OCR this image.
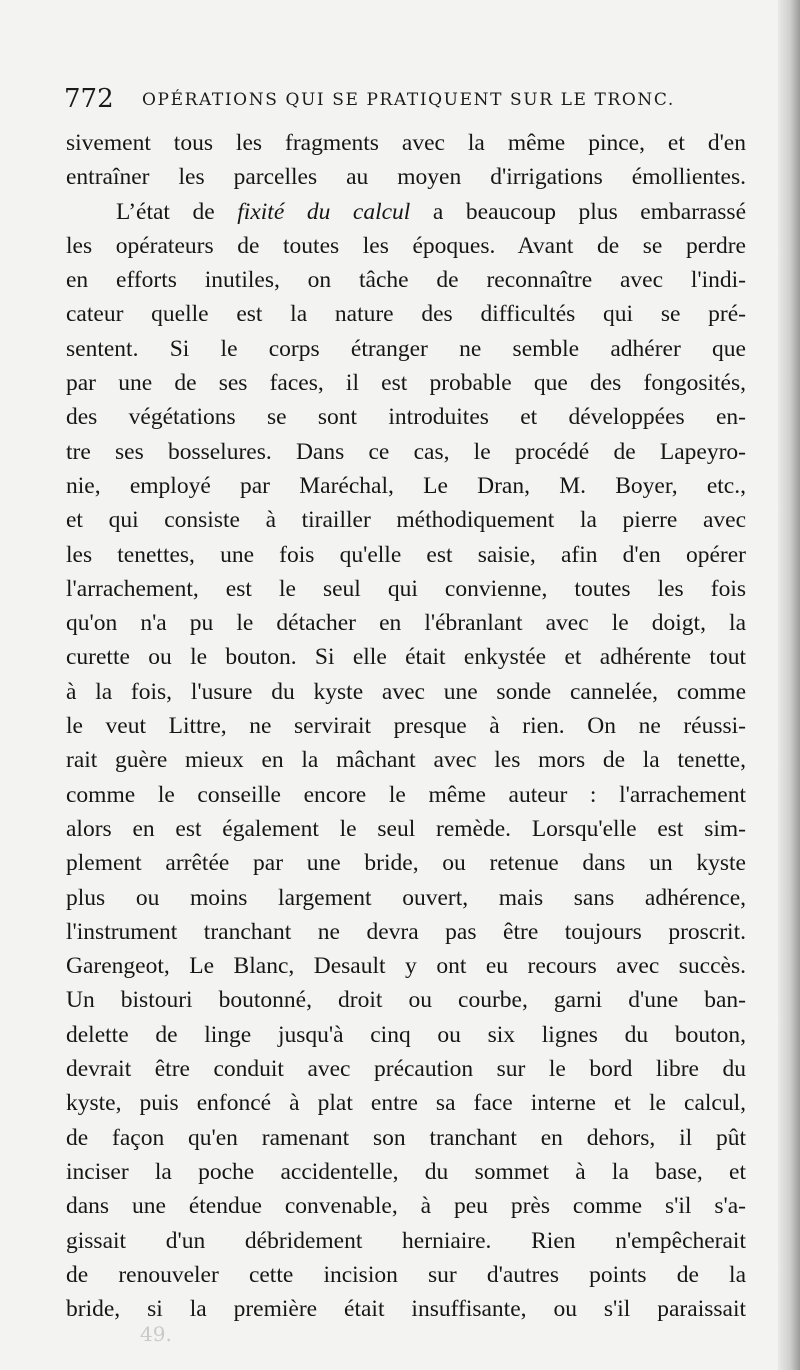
772 OPÉRATIONS QUI SE PRATIQUENT SUR LE TRONC.
sivement tous les fragments avec la même pince, et d'en
entraîner les parcelles au moyen d'irrigations émollientes.
L’état de fixité du calcul a beaucoup plus embarrassé
les opérateurs de toutes les époques. Avant de se perdre
en efforts inutiles, on tâche de reconnaître avec l'indi-
cateur quelle est la nature des difficultés qui se pré-
sentent. Si le corps étranger ne semble adhérer que
par une de ses faces, il est probable que des fongosités,
des végétations se sont introduites et développées en-
tre ses bosselures. Dans ce cas, le procédé de Lapeyro-
nie, employé par Maréchal, Le Dran, M. Boyer, etc.,
et qui consiste à tirailler méthodiquement la pierre avec
les tenettes, une fois qu'elle est saisie, afin d'en opérer
l'arrachement, est le seul qui convienne, toutes les fois
qu'on n'a pu le détacher en l'ébranlant avec le doigt, la
curette ou le bouton. Si elle était enkystée et adhérente tout
à la fois, l'usure du kyste avec une sonde cannelée, comme
le veut Littre, ne servirait presque à rien. On ne réussi-
rait guère mieux en la mâchant avec les mors de la tenette,
comme le conseille encore le même auteur : l'arrachement
alors en est également le seul remède. Lorsqu'elle est sim-
plement arrêtée par une bride, ou retenue dans un kyste
plus ou moins largement ouvert, mais sans adhérence,
l'instrument tranchant ne devra pas être toujours proscrit.
Garengeot, Le Blanc, Desault y ont eu recours avec succès.
Un bistouri boutonné, droit ou courbe, garni d'une ban-
delette de linge jusqu'à cinq ou six lignes du bouton,
devrait être conduit avec précaution sur le bord libre du
kyste, puis enfoncé à plat entre sa face interne et le calcul,
de façon qu'en ramenant son tranchant en dehors, il pût
inciser la poche accidentelle, du sommet à la base, et
dans une étendue convenable, à peu près comme s'il s'a-
gissait d'un débridement herniaire. Rien n'empêcherait
de renouveler cette incision sur d'autres points de la
bride, si la première était insuffisante, ou s'il paraissait
49.
